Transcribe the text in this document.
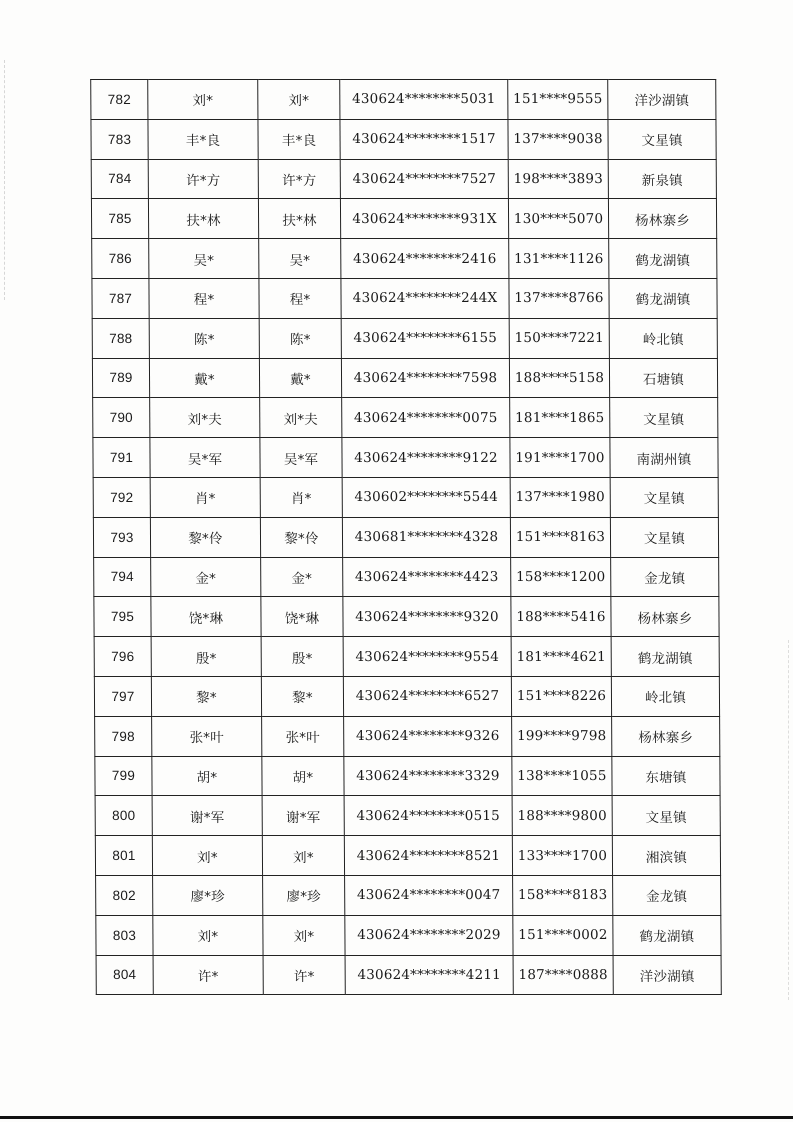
782	刘*	刘*	430624********5031	151****9555	洋沙湖镇
783	丰*良	丰*良	430624********1517	137****9038	文星镇
784	许*方	许*方	430624********7527	198****3893	新泉镇
785	扶*林	扶*林	430624********931X	130****5070	杨林寨乡
786	吴*	吴*	430624********2416	131****1126	鹤龙湖镇
787	程*	程*	430624********244X	137****8766	鹤龙湖镇
788	陈*	陈*	430624********6155	150****7221	岭北镇
789	戴*	戴*	430624********7598	188****5158	石塘镇
790	刘*夫	刘*夫	430624********0075	181****1865	文星镇
791	吴*军	吴*军	430624********9122	191****1700	南湖州镇
792	肖*	肖*	430602********5544	137****1980	文星镇
793	黎*伶	黎*伶	430681********4328	151****8163	文星镇
794	金*	金*	430624********4423	158****1200	金龙镇
795	饶*琳	饶*琳	430624********9320	188****5416	杨林寨乡
796	殷*	殷*	430624********9554	181****4621	鹤龙湖镇
797	黎*	黎*	430624********6527	151****8226	岭北镇
798	张*叶	张*叶	430624********9326	199****9798	杨林寨乡
799	胡*	胡*	430624********3329	138****1055	东塘镇
800	谢*军	谢*军	430624********0515	188****9800	文星镇
801	刘*	刘*	430624********8521	133****1700	湘滨镇
802	廖*珍	廖*珍	430624********0047	158****8183	金龙镇
803	刘*	刘*	430624********2029	151****0002	鹤龙湖镇
804	许*	许*	430624********4211	187****0888	洋沙湖镇
